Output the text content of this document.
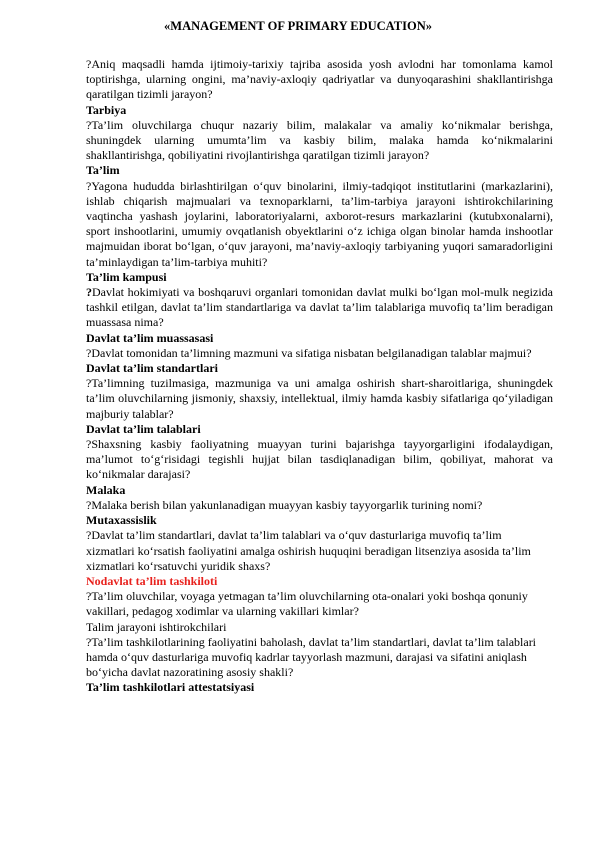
«MANAGEMENT OF PRIMARY EDUCATION»

?Aniq maqsadli hamda ijtimoiy-tarixiy tajriba asosida yosh avlodni har tomonlama kamol toptirishga, ularning ongini, ma’naviy-axloqiy qadriyatlar va dunyoqarashini shakllantirishga qaratilgan tizimli jarayon?

Tarbiya

?Ta’lim oluvchilarga chuqur nazariy bilim, malakalar va amaliy ko‘nikmalar berishga, shuningdek ularning umumta’lim va kasbiy bilim, malaka hamda ko‘nikmalarini shakllantirishga, qobiliyatini rivojlantirishga qaratilgan tizimli jarayon?

Ta’lim

?Yagona hududda birlashtirilgan o‘quv binolarini, ilmiy-tadqiqot institutlarini (markazlarini), ishlab chiqarish majmualari va texnoparklarni, ta’lim-tarbiya jarayoni ishtirokchilarining vaqtincha yashash joylarini, laboratoriyalarni, axborot-resurs markazlarini (kutubxonalarni), sport inshootlarini, umumiy ovqatlanish obyektlarini o‘z ichiga olgan binolar hamda inshootlar majmuidan iborat bo‘lgan, o‘quv jarayoni, ma’naviy-axloqiy tarbiyaning yuqori samaradorligini ta’minlaydigan ta’lim-tarbiya muhiti?

Ta’lim kampusi

?Davlat hokimiyati va boshqaruvi organlari tomonidan davlat mulki bo‘lgan mol-mulk negizida tashkil etilgan, davlat ta’lim standartlariga va davlat ta’lim talablariga muvofiq ta’lim beradigan muassasa nima?

Davlat ta’lim muassasasi

?Davlat tomonidan ta’limning mazmuni va sifatiga nisbatan belgilanadigan talablar majmui?

Davlat ta’lim standartlari

?Ta’limning tuzilmasiga, mazmuniga va uni amalga oshirish shart-sharoitlariga, shuningdek ta’lim oluvchilarning jismoniy, shaxsiy, intellektual, ilmiy hamda kasbiy sifatlariga qo‘yiladigan majburiy talablar?

Davlat ta’lim talablari

?Shaxsning kasbiy faoliyatning muayyan turini bajarishga tayyorgarligini ifodalaydigan, ma’lumot to‘g‘risidagi tegishli hujjat bilan tasdiqlanadigan bilim, qobiliyat, mahorat va ko‘nikmalar darajasi?

Malaka

?Malaka berish bilan yakunlanadigan muayyan kasbiy tayyorgarlik turining nomi?

Mutaxassislik

?Davlat ta’lim standartlari, davlat ta’lim talablari va o‘quv dasturlariga muvofiq ta’lim xizmatlari ko‘rsatish faoliyatini amalga oshirish huquqini beradigan litsenziya asosida ta’lim xizmatlari ko‘rsatuvchi yuridik shaxs?

Nodavlat ta’lim tashkiloti

?Ta’lim oluvchilar, voyaga yetmagan ta’lim oluvchilarning ota-onalari yoki boshqa qonuniy vakillari, pedagog xodimlar va ularning vakillari kimlar?

Talim jarayoni ishtirokchilari

?Ta’lim tashkilotlarining faoliyatini baholash, davlat ta’lim standartlari, davlat ta’lim talablari hamda o‘quv dasturlariga muvofiq kadrlar tayyorlash mazmuni, darajasi va sifatini aniqlash bo‘yicha davlat nazoratining asosiy shakli?

Ta’lim tashkilotlari attestatsiyasi
